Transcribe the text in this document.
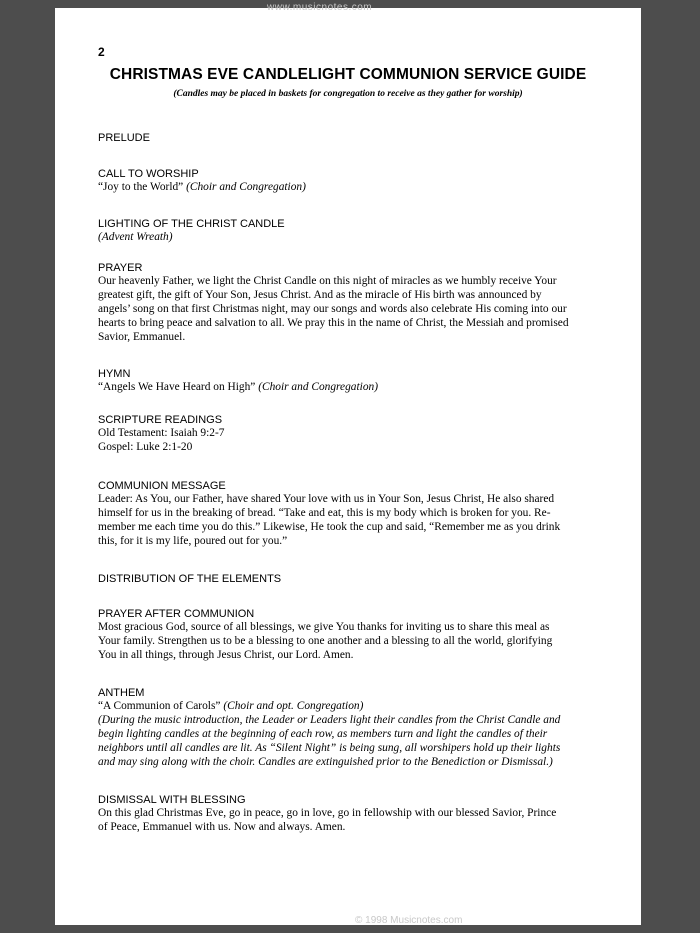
www.musicnotes.com
2
CHRISTMAS EVE CANDLELIGHT COMMUNION SERVICE GUIDE
(Candles may be placed in baskets for congregation to receive as they gather for worship)
PRELUDE
CALL TO WORSHIP
“Joy to the World” (Choir and Congregation)
LIGHTING OF THE CHRIST CANDLE
(Advent Wreath)
PRAYER

Our heavenly Father, we light the Christ Candle on this night of miracles as we humbly receive Your

greatest gift, the gift of Your Son, Jesus Christ. And as the miracle of His birth was announced by

angels’ song on that first Christmas night, may our songs and words also celebrate His coming into our

hearts to bring peace and salvation to all. We pray this in the name of Christ, the Messiah and promised

Savior, Emmanuel.

HYMN
“Angels We Have Heard on High” (Choir and Congregation)
SCRIPTURE READINGS

Old Testament: Isaiah 9:2-7

Gospel: Luke 2:1-20

COMMUNION MESSAGE

Leader: As You, our Father, have shared Your love with us in Your Son, Jesus Christ, He also shared

himself for us in the breaking of bread. “Take and eat, this is my body which is broken for you. Re-

member me each time you do this.” Likewise, He took the cup and said, “Remember me as you drink

this, for it is my life, poured out for you.”

DISTRIBUTION OF THE ELEMENTS
PRAYER AFTER COMMUNION

Most gracious God, source of all blessings, we give You thanks for inviting us to share this meal as

Your family. Strengthen us to be a blessing to one another and a blessing to all the world, glorifying

You in all things, through Jesus Christ, our Lord. Amen.

ANTHEM

“A Communion of Carols” (Choir and opt. Congregation)

(During the music introduction, the Leader or Leaders light their candles from the Christ Candle and

begin lighting candles at the beginning of each row, as members turn and light the candles of their

neighbors until all candles are lit. As “Silent Night” is being sung, all worshipers hold up their lights

and may sing along with the choir. Candles are extinguished prior to the Benediction or Dismissal.)

DISMISSAL WITH BLESSING

On this glad Christmas Eve, go in peace, go in love, go in fellowship with our blessed Savior, Prince

of Peace, Emmanuel with us. Now and always. Amen.

© 1998 Musicnotes.com
